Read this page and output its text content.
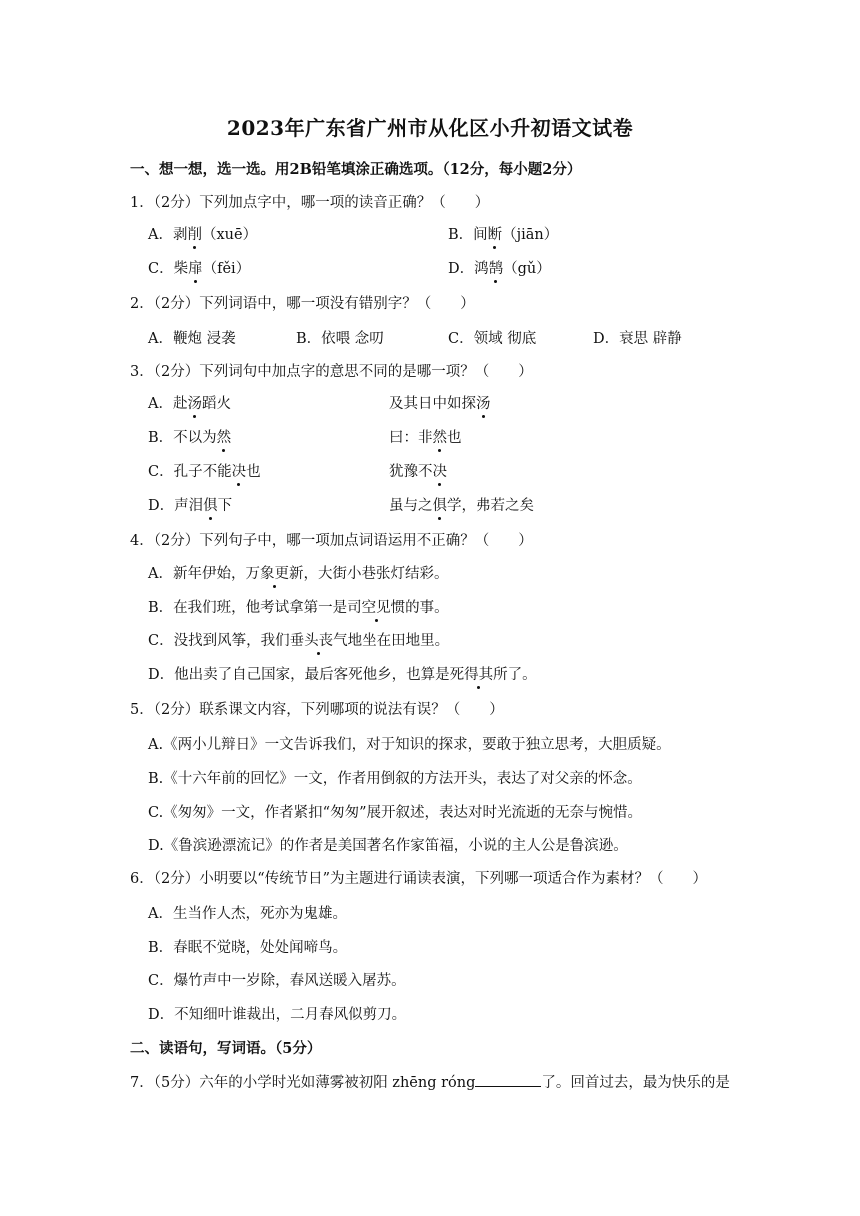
2023年广东省广州市从化区小升初语文试卷
一、想一想，选一选。用2B铅笔填涂正确选项。（12分，每小题2分）
1．（2分）下列加点字中，哪一项的读音正确？（　　）
A．剥削（xuē）	B．间断（jiān）
C．柴扉（fěi）	D．鸿鹄（gǔ）
2．（2分）下列词语中，哪一项没有错别字？（　　）
A．鞭炮 浸袭	B．依喂 念叨	C．领域 彻底	D．衰思 辟静
3．（2分）下列词句中加点字的意思不同的是哪一项？（　　）
A．赴汤蹈火	及其日中如探汤
B．不以为然	曰：非然也
C．孔子不能决也	犹豫不决
D．声泪俱下	虽与之俱学，弗若之矣
4．（2分）下列句子中，哪一项加点词语运用不正确？（　　）
A．新年伊始，万象更新，大街小巷张灯结彩。
B．在我们班，他考试拿第一是司空见惯的事。
C．没找到风筝，我们垂头丧气地坐在田地里。
D．他出卖了自己国家，最后客死他乡，也算是死得其所了。
5．（2分）联系课文内容，下列哪项的说法有误？（　　）
A.《两小儿辩日》一文告诉我们，对于知识的探求，要敢于独立思考，大胆质疑。
B.《十六年前的回忆》一文，作者用倒叙的方法开头，表达了对父亲的怀念。
C.《匆匆》一文，作者紧扣“匆匆”展开叙述，表达对时光流逝的无奈与惋惜。
D.《鲁滨逊漂流记》的作者是美国著名作家笛福，小说的主人公是鲁滨逊。
6．（2分）小明要以“传统节日”为主题进行诵读表演，下列哪一项适合作为素材？（　　）
A．生当作人杰，死亦为鬼雄。
B．春眠不觉晓，处处闻啼鸟。
C．爆竹声中一岁除，春风送暖入屠苏。
D．不知细叶谁裁出，二月春风似剪刀。
二、读语句，写词语。（5分）
7．（5分）六年的小学时光如薄雾被初阳 zhēng róng	了。回首过去，最为快乐的是
